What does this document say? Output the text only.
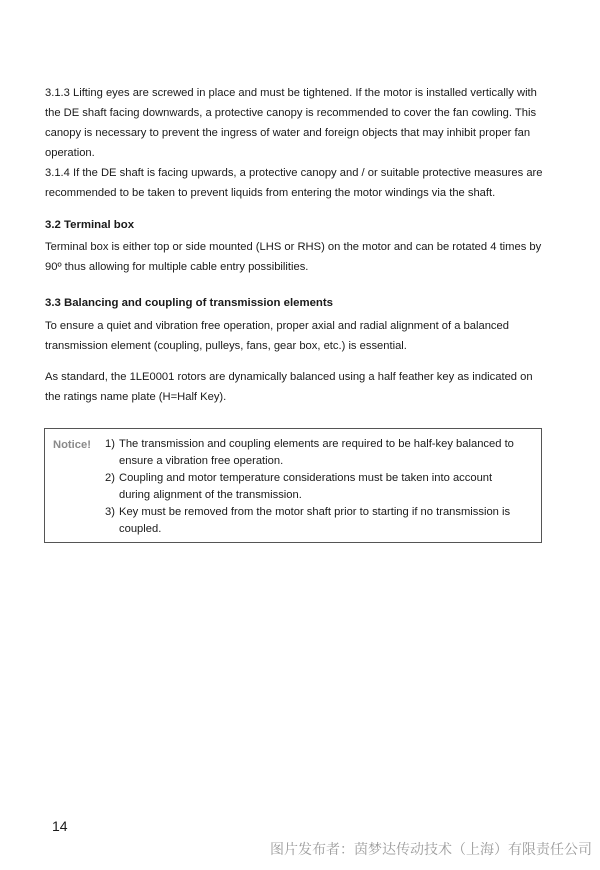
3.1.3 Lifting eyes are screwed in place and must be tightened. If the motor is installed vertically with the DE shaft facing downwards, a protective canopy is recommended to cover the fan cowling. This canopy is necessary to prevent the ingress of water and foreign objects that may inhibit proper fan operation.

3.1.4 If the DE shaft is facing upwards, a protective canopy and / or suitable protective measures are recommended to be taken to prevent liquids from entering the motor windings via the shaft.

3.2 Terminal box

Terminal box is either top or side mounted (LHS or RHS) on the motor and can be rotated 4 times by 90º thus allowing for multiple cable entry possibilities.

3.3 Balancing and coupling of transmission elements

To ensure a quiet and vibration free operation, proper axial and radial alignment of a balanced transmission element (coupling, pulleys, fans, gear box, etc.) is essential.

As standard, the 1LE0001 rotors are dynamically balanced using a half feather key as indicated on the ratings name plate (H=Half Key).

Notice! 1) The transmission and coupling elements are required to be half-key balanced to ensure a vibration free operation.
2) Coupling and motor temperature considerations must be taken into account during alignment of the transmission.
3) Key must be removed from the motor shaft prior to starting if no transmission is coupled.
14
图片发布者：茵梦达传动技术（上海）有限责任公司
